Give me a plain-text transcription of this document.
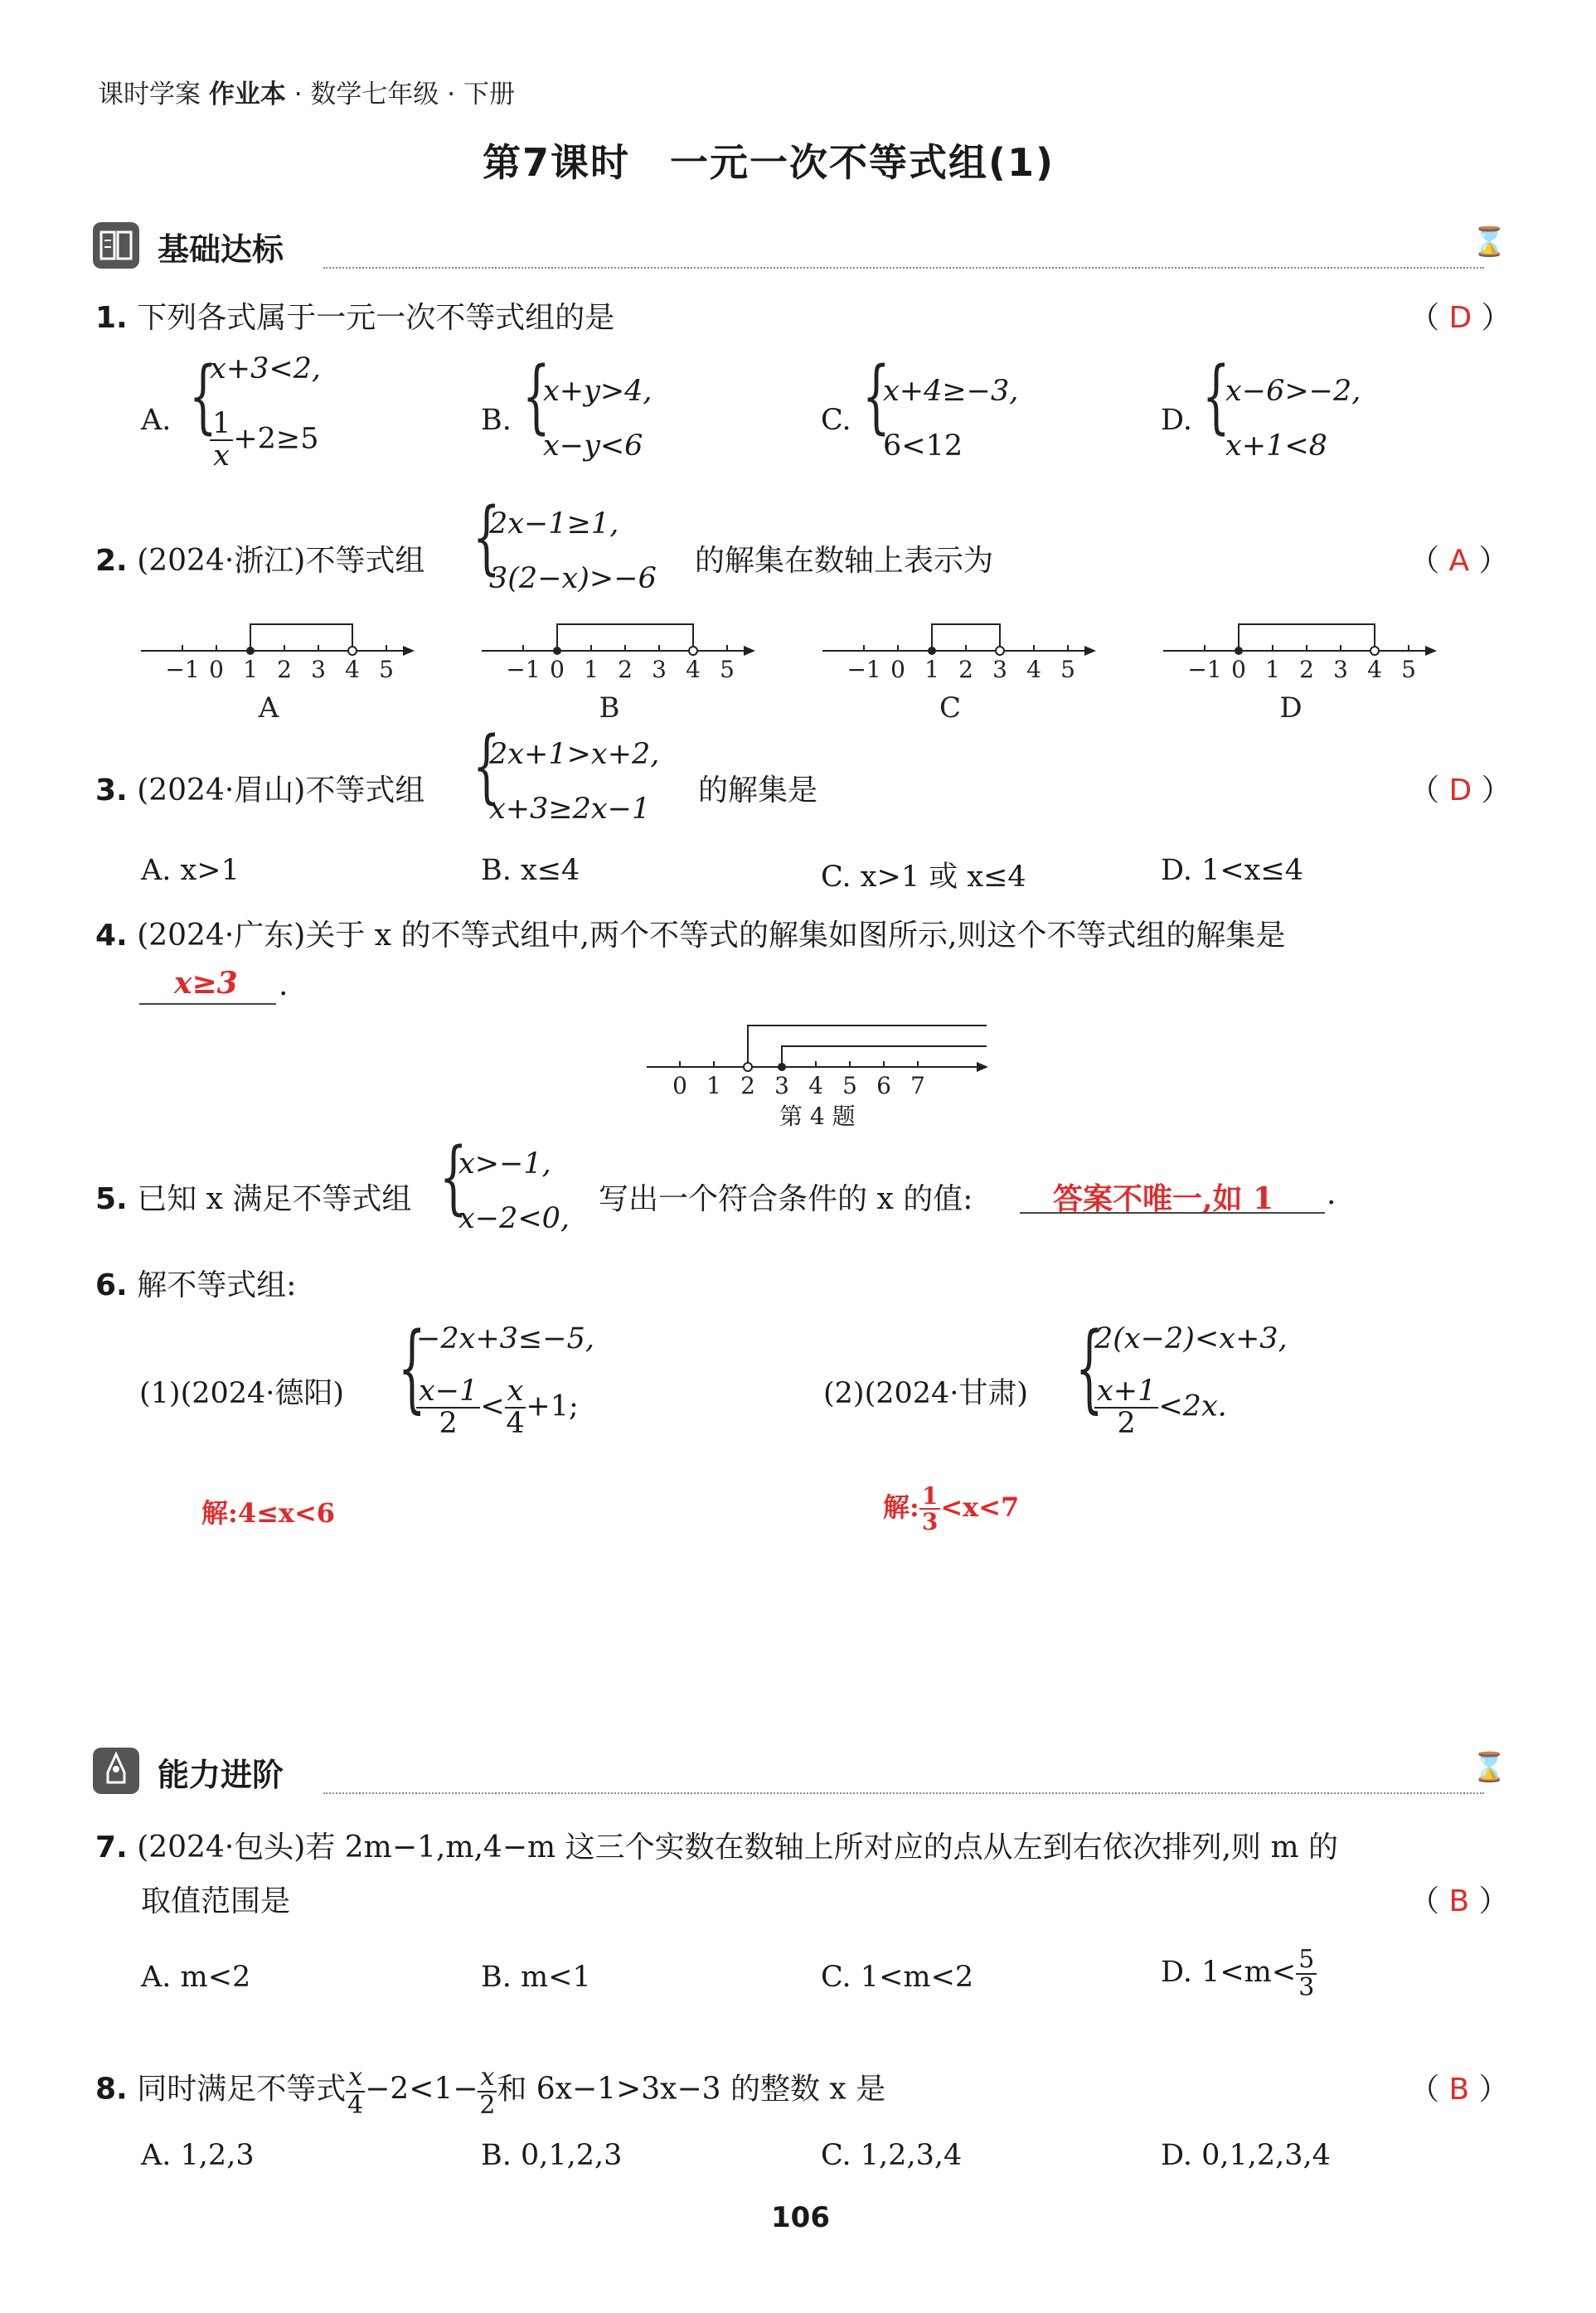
课时学案 作业本 · 数学七年级 · 下册
第7课时　一元一次不等式组(1)
基础达标	⌛
1. 下列各式属于一元一次不等式组的是	（ D ）
A. {
x+3<2,
$\frac{1}{x} +2\ge 5$
B. {
x+y>4,
x−y<6
C. {
x+4≥−3,
6<12
D. {
x−6>−2,
x+1<8
2. (2024·浙江)不等式组 {
2x−1≥1,
3(2−x)>−6
的解集在数轴上表示为	（ A ）
−1 0 1 2 3 4 5
A
−1 0 1 2 3 4 5
B
−1 0 1 2 3 4 5
C
−1 0 1 2 3 4 5
D
3. (2024·眉山)不等式组 {
2x+1>x+2,
x+3≥2x−1
的解集是	（ D ）
A. x>1	B. x≤4	C. x>1 或 x≤4	D. 1<x≤4
4. (2024·广东)关于 x 的不等式组中,两个不等式的解集如图所示,则这个不等式组的解集是
x≥3 .
0 1 2 3 4 5 6 7
第 4 题
5. 已知 x 满足不等式组 {
x>−1,
x−2<0,
写出一个符合条件的 x 的值:	答案不唯一,如 1 .
6. 解不等式组:
(1)(2024·德阳) {
−2x+3≤−5,
$\frac{x-1}{2} < \frac{x}{4} +1$;
解:4≤x<6
(2)(2024·甘肃) {
2(x−2)<x+3,
$\frac{x+1}{2} <2x$.
解: $\frac{1}{3} <x<7$
能力进阶	⌛
7. (2024·包头)若 2m−1,m,4−m 这三个实数在数轴上所对应的点从左到右依次排列,则 m 的
取值范围是	（ B ）
A. m<2	B. m<1	C. 1<m<2	D. $1<m< \frac{5}{3}$
8. 同时满足不等式 $\frac{x}{4} -2<1- \frac{x}{2}$ 和 6x−1>3x−3 的整数 x 是	（ B ）
A. 1,2,3	B. 0,1,2,3	C. 1,2,3,4	D. 0,1,2,3,4
106
